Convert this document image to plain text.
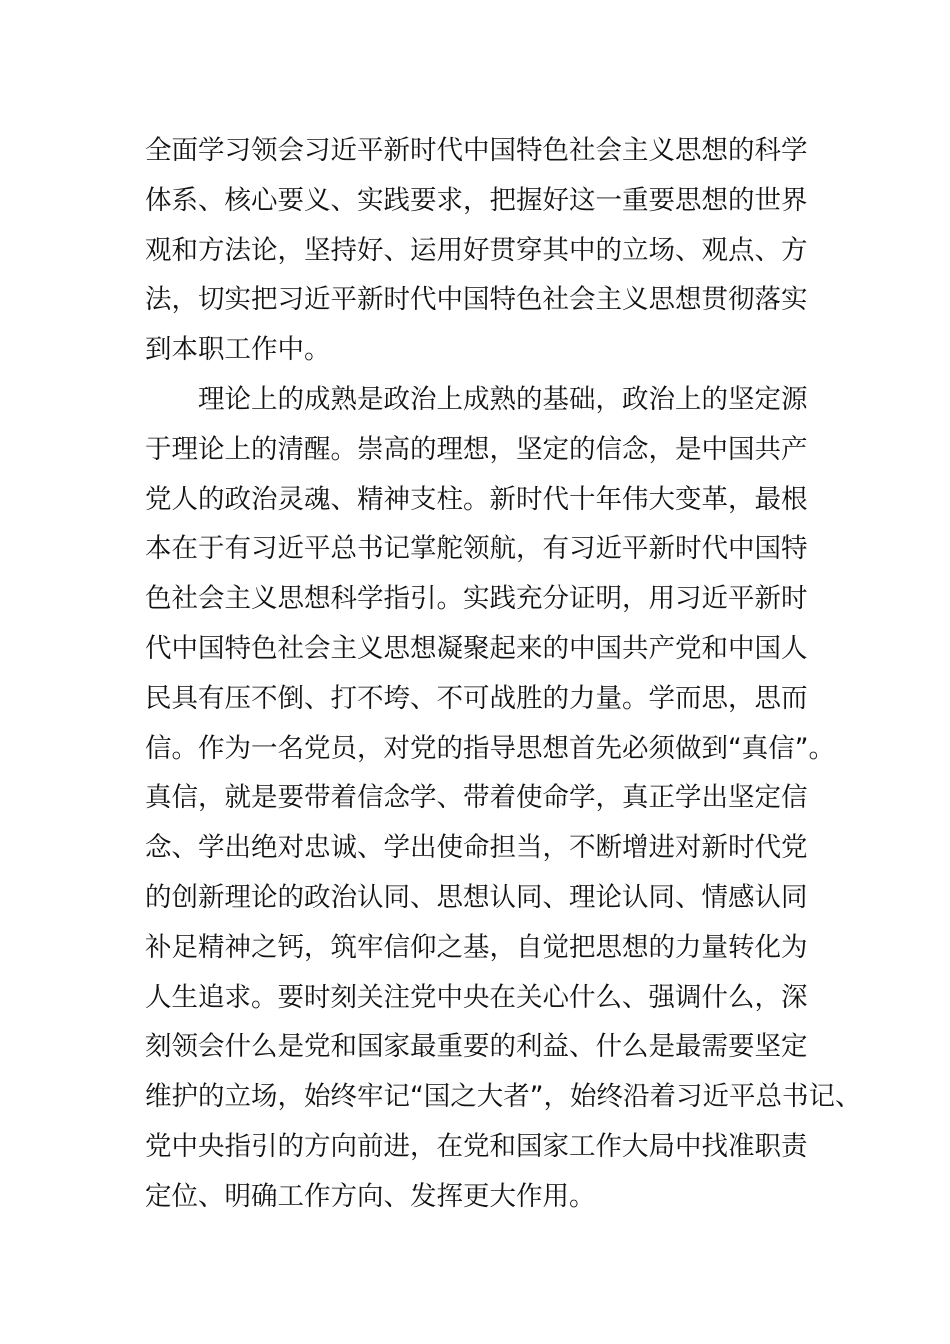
全面学习领会习近平新时代中国特色社会主义思想的科学
体系、核心要义、实践要求，把握好这一重要思想的世界
观和方法论，坚持好、运用好贯穿其中的立场、观点、方
法，切实把习近平新时代中国特色社会主义思想贯彻落实
到本职工作中。
理论上的成熟是政治上成熟的基础，政治上的坚定源
于理论上的清醒。崇高的理想，坚定的信念，是中国共产
党人的政治灵魂、精神支柱。新时代十年伟大变革，最根
本在于有习近平总书记掌舵领航，有习近平新时代中国特
色社会主义思想科学指引。实践充分证明，用习近平新时
代中国特色社会主义思想凝聚起来的中国共产党和中国人
民具有压不倒、打不垮、不可战胜的力量。学而思，思而
信。作为一名党员，对党的指导思想首先必须做到“真信”。
真信，就是要带着信念学、带着使命学，真正学出坚定信
念、学出绝对忠诚、学出使命担当，不断增进对新时代党
的创新理论的政治认同、思想认同、理论认同、情感认同
补足精神之钙，筑牢信仰之基，自觉把思想的力量转化为
人生追求。要时刻关注党中央在关心什么、强调什么，深
刻领会什么是党和国家最重要的利益、什么是最需要坚定
维护的立场，始终牢记“国之大者”，始终沿着习近平总书记、
党中央指引的方向前进，在党和国家工作大局中找准职责
定位、明确工作方向、发挥更大作用。
